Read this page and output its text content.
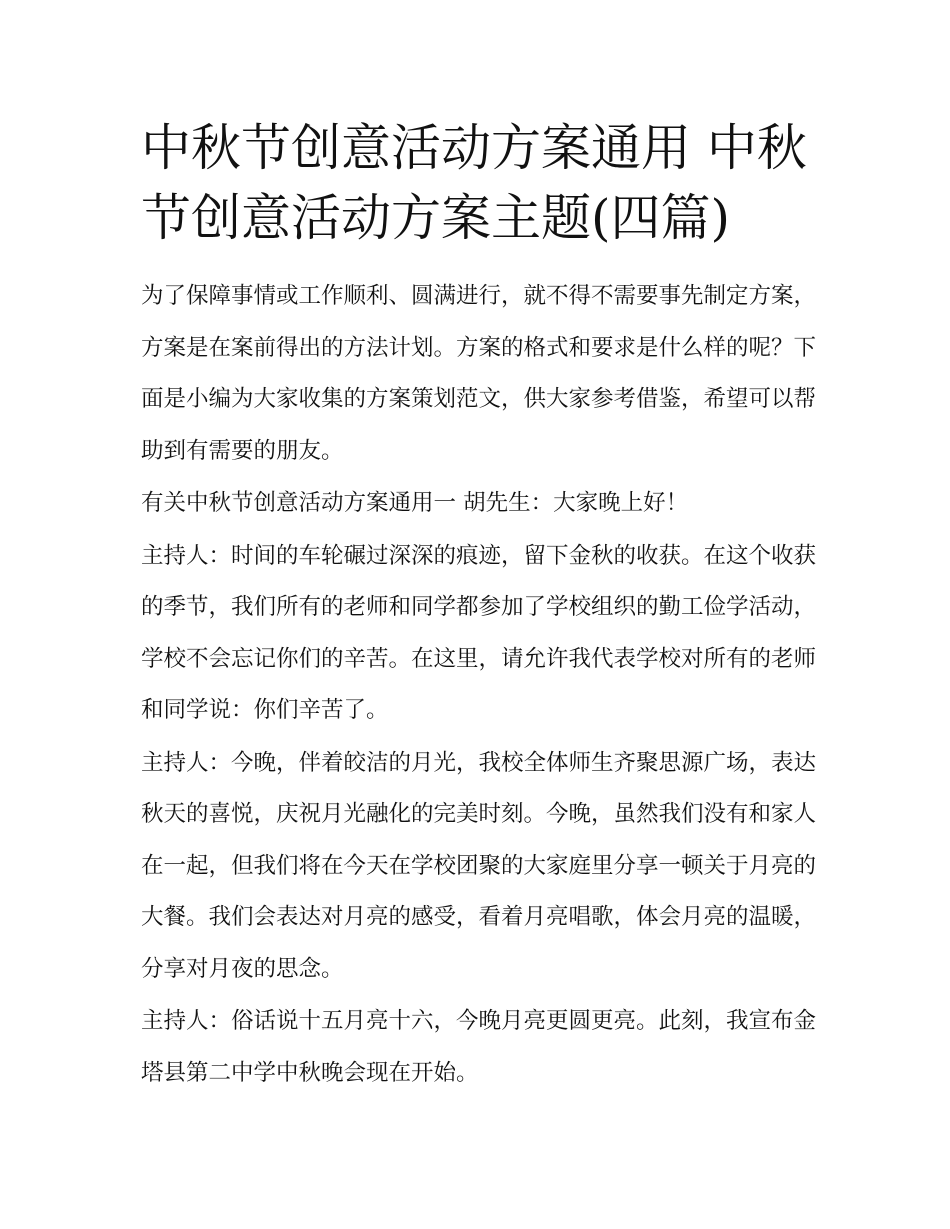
中秋节创意活动方案通用 中秋节创意活动方案主题(四篇)

为了保障事情或工作顺利、圆满进行，就不得不需要事先制定方案，方案是在案前得出的方法计划。方案的格式和要求是什么样的呢？下面是小编为大家收集的方案策划范文，供大家参考借鉴，希望可以帮助到有需要的朋友。

有关中秋节创意活动方案通用一 胡先生：大家晚上好！

主持人：时间的车轮碾过深深的痕迹，留下金秋的收获。在这个收获的季节，我们所有的老师和同学都参加了学校组织的勤工俭学活动，学校不会忘记你们的辛苦。在这里，请允许我代表学校对所有的老师和同学说：你们辛苦了。

主持人：今晚，伴着皎洁的月光，我校全体师生齐聚思源广场，表达秋天的喜悦，庆祝月光融化的完美时刻。今晚，虽然我们没有和家人在一起，但我们将在今天在学校团聚的大家庭里分享一顿关于月亮的大餐。我们会表达对月亮的感受，看着月亮唱歌，体会月亮的温暖，分享对月夜的思念。

主持人：俗话说十五月亮十六，今晚月亮更圆更亮。此刻，我宣布金塔县第二中学中秋晚会现在开始。
